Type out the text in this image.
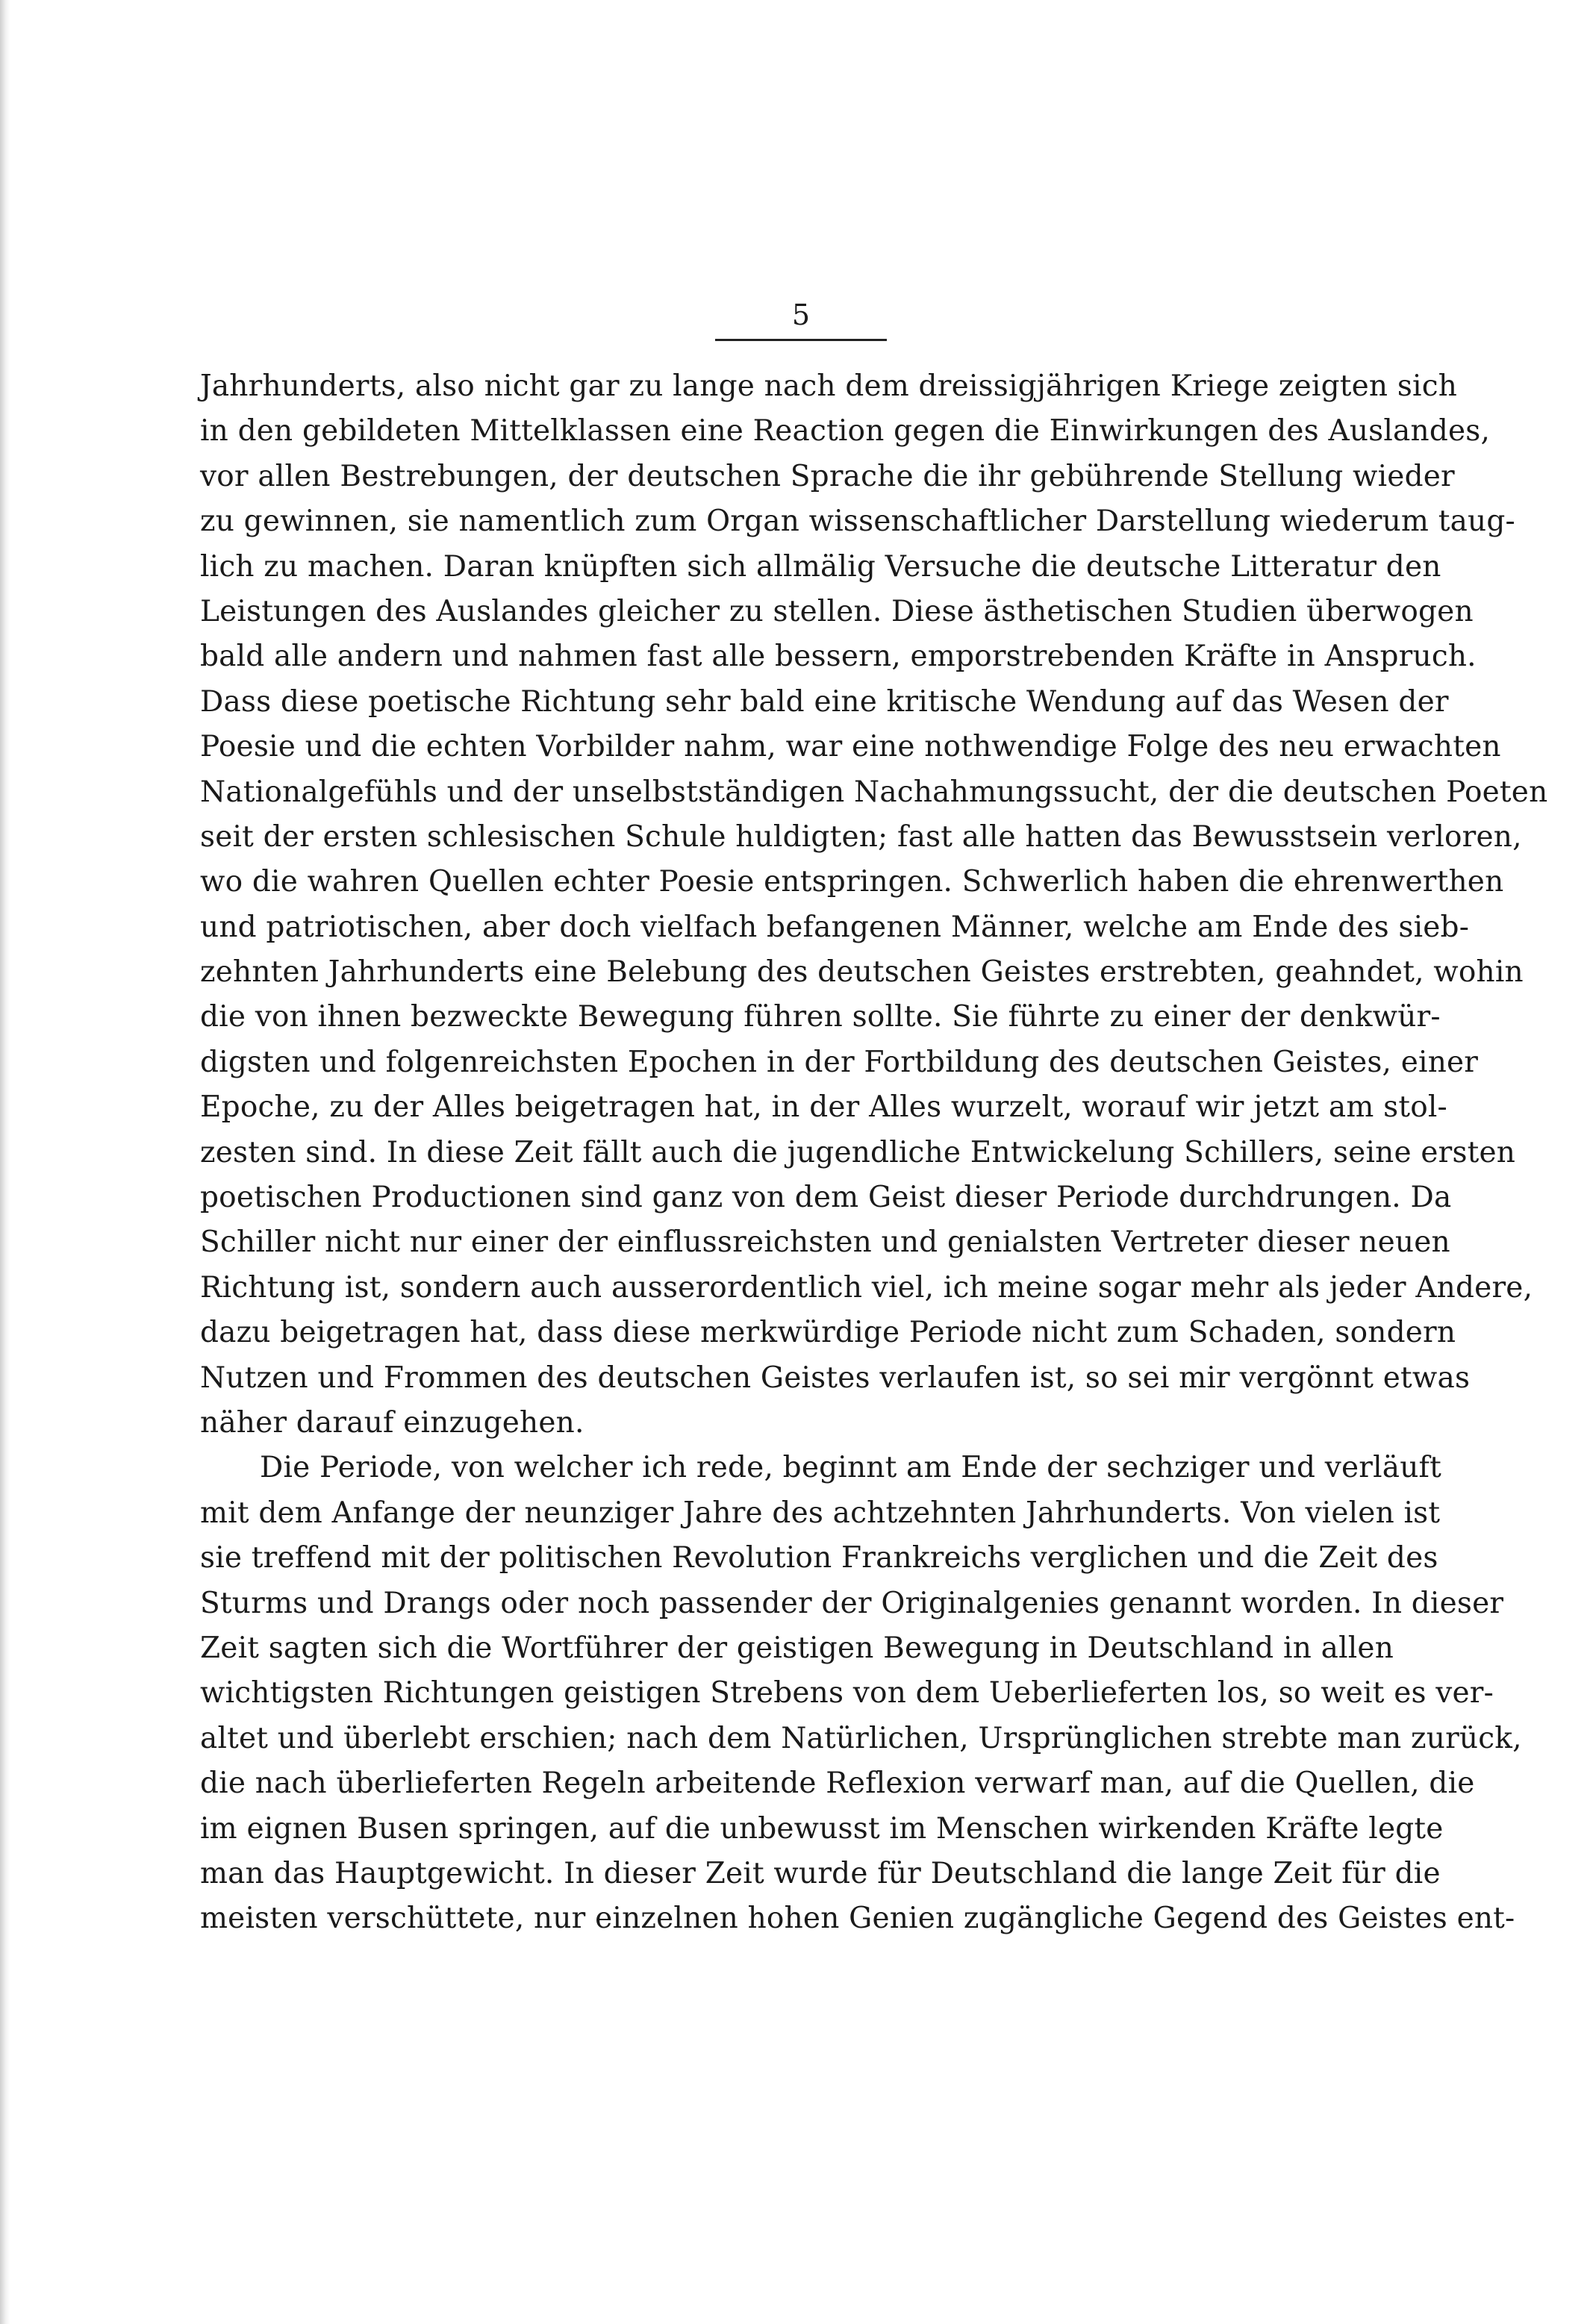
5
Jahrhunderts, also nicht gar zu lange nach dem dreissigjährigen Kriege zeigten sich
in den gebildeten Mittelklassen eine Reaction gegen die Einwirkungen des Auslandes,
vor allen Bestrebungen, der deutschen Sprache die ihr gebührende Stellung wieder
zu gewinnen, sie namentlich zum Organ wissenschaftlicher Darstellung wiederum taug-
lich zu machen. Daran knüpften sich allmälig Versuche die deutsche Litteratur den
Leistungen des Auslandes gleicher zu stellen. Diese ästhetischen Studien überwogen
bald alle andern und nahmen fast alle bessern, emporstrebenden Kräfte in Anspruch.
Dass diese poetische Richtung sehr bald eine kritische Wendung auf das Wesen der
Poesie und die echten Vorbilder nahm, war eine nothwendige Folge des neu erwachten
Nationalgefühls und der unselbstständigen Nachahmungssucht, der die deutschen Poeten
seit der ersten schlesischen Schule huldigten; fast alle hatten das Bewusstsein verloren,
wo die wahren Quellen echter Poesie entspringen. Schwerlich haben die ehrenwerthen
und patriotischen, aber doch vielfach befangenen Männer, welche am Ende des sieb-
zehnten Jahrhunderts eine Belebung des deutschen Geistes erstrebten, geahndet, wohin
die von ihnen bezweckte Bewegung führen sollte. Sie führte zu einer der denkwür-
digsten und folgenreichsten Epochen in der Fortbildung des deutschen Geistes, einer
Epoche, zu der Alles beigetragen hat, in der Alles wurzelt, worauf wir jetzt am stol-
zesten sind. In diese Zeit fällt auch die jugendliche Entwickelung Schillers, seine ersten
poetischen Productionen sind ganz von dem Geist dieser Periode durchdrungen. Da
Schiller nicht nur einer der einflussreichsten und genialsten Vertreter dieser neuen
Richtung ist, sondern auch ausserordentlich viel, ich meine sogar mehr als jeder Andere,
dazu beigetragen hat, dass diese merkwürdige Periode nicht zum Schaden, sondern
Nutzen und Frommen des deutschen Geistes verlaufen ist, so sei mir vergönnt etwas
näher darauf einzugehen.
Die Periode, von welcher ich rede, beginnt am Ende der sechziger und verläuft
mit dem Anfange der neunziger Jahre des achtzehnten Jahrhunderts. Von vielen ist
sie treffend mit der politischen Revolution Frankreichs verglichen und die Zeit des
Sturms und Drangs oder noch passender der Originalgenies genannt worden. In dieser
Zeit sagten sich die Wortführer der geistigen Bewegung in Deutschland in allen
wichtigsten Richtungen geistigen Strebens von dem Ueberlieferten los, so weit es ver-
altet und überlebt erschien; nach dem Natürlichen, Ursprünglichen strebte man zurück,
die nach überlieferten Regeln arbeitende Reflexion verwarf man, auf die Quellen, die
im eignen Busen springen, auf die unbewusst im Menschen wirkenden Kräfte legte
man das Hauptgewicht. In dieser Zeit wurde für Deutschland die lange Zeit für die
meisten verschüttete, nur einzelnen hohen Genien zugängliche Gegend des Geistes ent-
